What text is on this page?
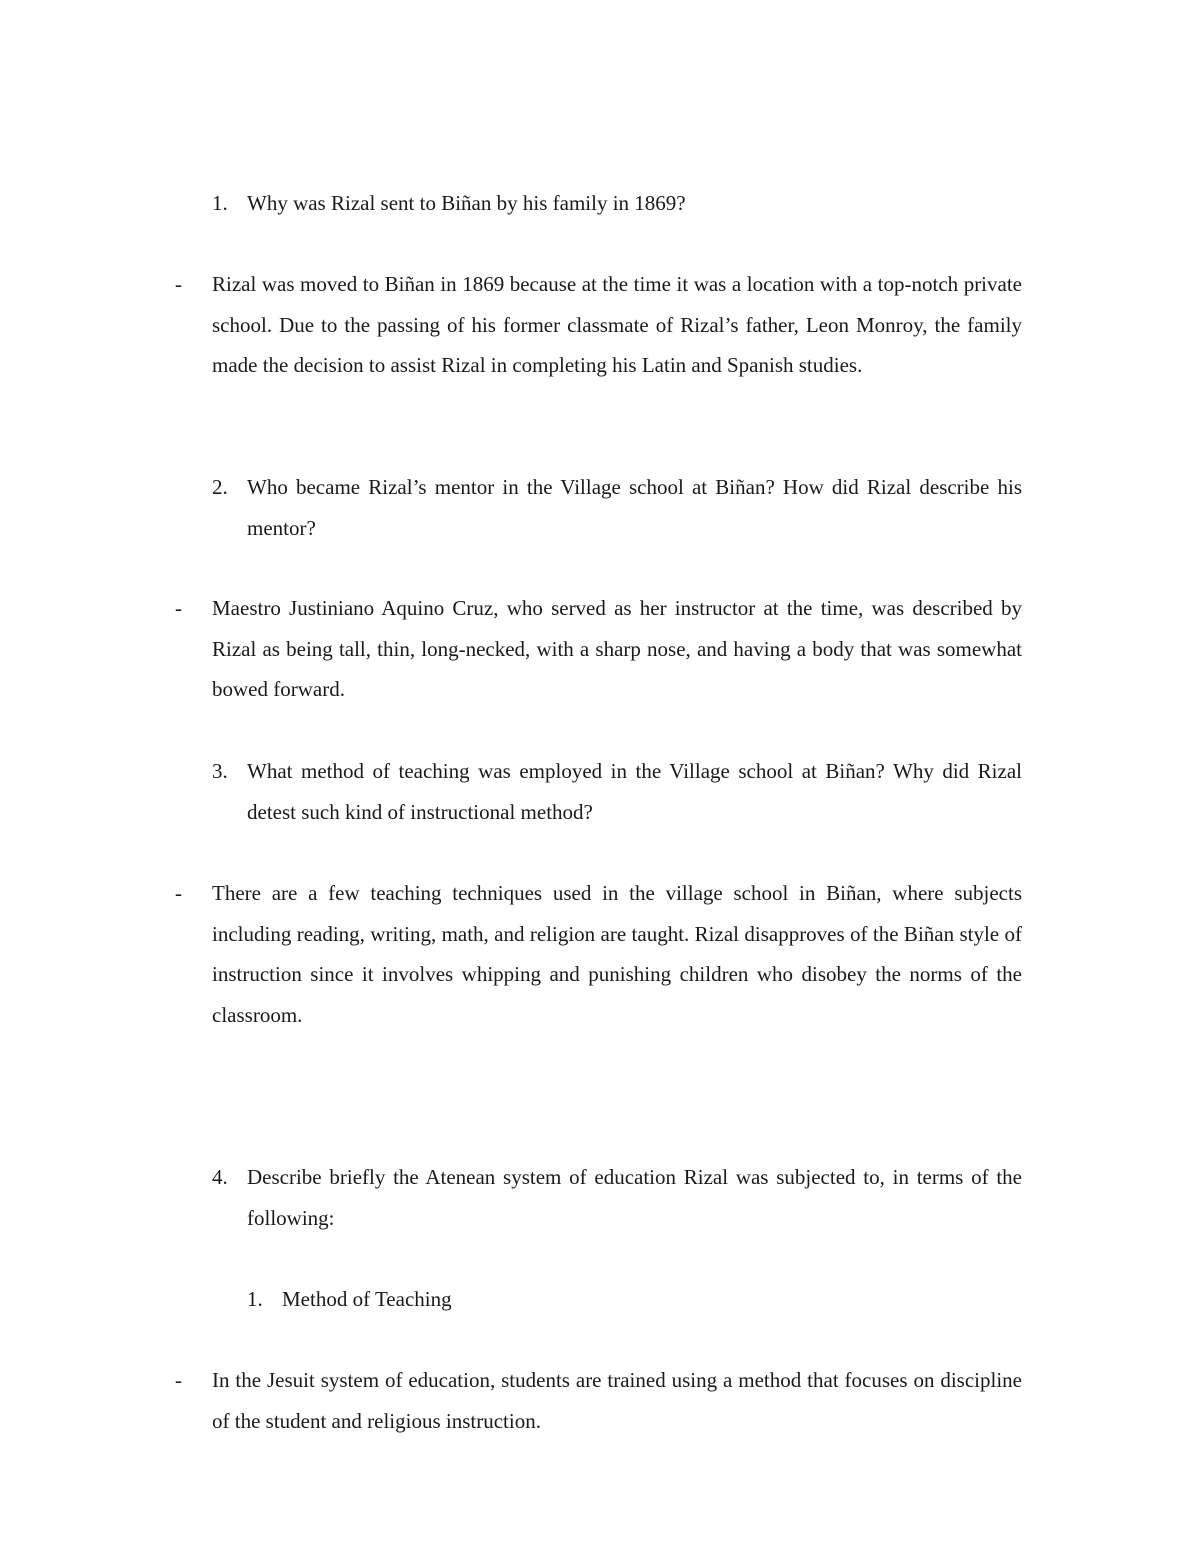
1. Why was Rizal sent to Biñan by his family in 1869?
- Rizal was moved to Biñan in 1869 because at the time it was a location with a top-notch private school. Due to the passing of his former classmate of Rizal’s father, Leon Monroy, the family made the decision to assist Rizal in completing his Latin and Spanish studies.
2. Who became Rizal’s mentor in the Village school at Biñan? How did Rizal describe his mentor?
- Maestro Justiniano Aquino Cruz, who served as her instructor at the time, was described by Rizal as being tall, thin, long-necked, with a sharp nose, and having a body that was somewhat bowed forward.
3. What method of teaching was employed in the Village school at Biñan? Why did Rizal detest such kind of instructional method?
- There are a few teaching techniques used in the village school in Biñan, where subjects including reading, writing, math, and religion are taught. Rizal disapproves of the Biñan style of instruction since it involves whipping and punishing children who disobey the norms of the classroom.
4. Describe briefly the Atenean system of education Rizal was subjected to, in terms of the following:
1. Method of Teaching
- In the Jesuit system of education, students are trained using a method that focuses on discipline of the student and religious instruction.
